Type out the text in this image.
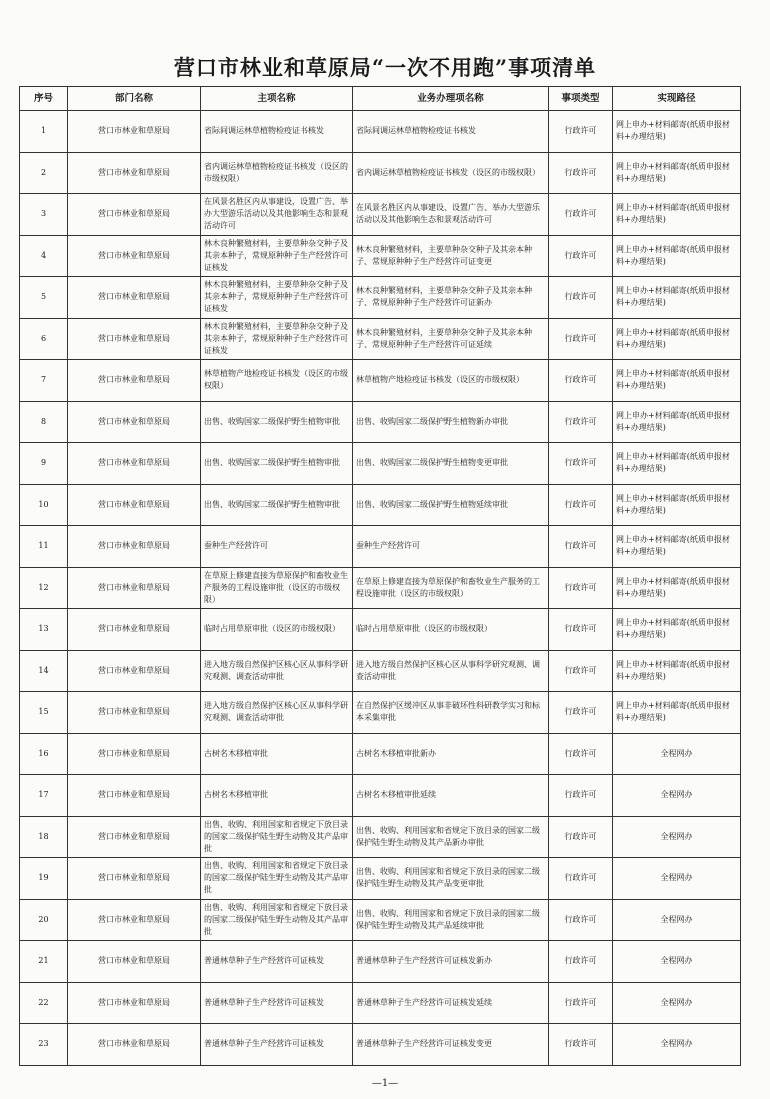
营口市林业和草原局“一次不用跑”事项清单
序号	部门名称	主项名称	业务办理项名称	事项类型	实现路径
1	营口市林业和草原局	省际间调运林草植物检疫证书核发	省际间调运林草植物检疫证书核发	行政许可	网上申办+材料邮寄(纸质申报材料+办理结果)
2	营口市林业和草原局	省内调运林草植物检疫证书核发（设区的市级权限）	省内调运林草植物检疫证书核发（设区的市级权限）	行政许可	网上申办+材料邮寄(纸质申报材料+办理结果)
3	营口市林业和草原局	在风景名胜区内从事建设，设置广告、举办大型游乐活动以及其他影响生态和景观活动许可	在风景名胜区内从事建设、设置广告、举办大型游乐活动以及其他影响生态和景观活动许可	行政许可	网上申办+材料邮寄(纸质申报材料+办理结果)
4	营口市林业和草原局	林木良种繁殖材料，主要草种杂交种子及其亲本种子，常规原种种子生产经营许可证核发	林木良种繁殖材料，主要草种杂交种子及其亲本种子、常规原种种子生产经营许可证变更	行政许可	网上申办+材料邮寄(纸质申报材料+办理结果)
5	营口市林业和草原局	林木良种繁殖材料，主要草种杂交种子及其亲本种子，常规原种种子生产经营许可证核发	林木良种繁殖材料，主要草种杂交种子及其亲本种子、常规原种种子生产经营许可证新办	行政许可	网上申办+材料邮寄(纸质申报材料+办理结果)
6	营口市林业和草原局	林木良种繁殖材料，主要草种杂交种子及其亲本种子，常规原种种子生产经营许可证核发	林木良种繁殖材料，主要草种杂交种子及其亲本种子、常规原种种子生产经营许可证延续	行政许可	网上申办+材料邮寄(纸质申报材料+办理结果)
7	营口市林业和草原局	林草植物产地检疫证书核发（设区的市级权限）	林草植物产地检疫证书核发（设区的市级权限）	行政许可	网上申办+材料邮寄(纸质申报材料+办理结果)
8	营口市林业和草原局	出售、收购国家二级保护野生植物审批	出售、收购国家二级保护野生植物新办审批	行政许可	网上申办+材料邮寄(纸质申报材料+办理结果)
9	营口市林业和草原局	出售、收购国家二级保护野生植物审批	出售、收购国家二级保护野生植物变更审批	行政许可	网上申办+材料邮寄(纸质申报材料+办理结果)
10	营口市林业和草原局	出售、收购国家二级保护野生植物审批	出售、收购国家二级保护野生植物延续审批	行政许可	网上申办+材料邮寄(纸质申报材料+办理结果)
11	营口市林业和草原局	蚕种生产经营许可	蚕种生产经营许可	行政许可	网上申办+材料邮寄(纸质申报材料+办理结果)
12	营口市林业和草原局	在草原上修建直接为草原保护和畜牧业生产服务的工程设施审批（设区的市级权限）	在草原上修建直接为草原保护和畜牧业生产服务的工程设施审批（设区的市级权限）	行政许可	网上申办+材料邮寄(纸质申报材料+办理结果)
13	营口市林业和草原局	临时占用草原审批（设区的市级权限）	临时占用草原审批（设区的市级权限）	行政许可	网上申办+材料邮寄(纸质申报材料+办理结果)
14	营口市林业和草原局	进入地方级自然保护区核心区从事科学研究观测、调查活动审批	进入地方级自然保护区核心区从事科学研究观测、调查活动审批	行政许可	网上申办+材料邮寄(纸质申报材料+办理结果)
15	营口市林业和草原局	进入地方级自然保护区核心区从事科学研究观测、调查活动审批	在自然保护区缓冲区从事非破坏性科研教学实习和标本采集审批	行政许可	网上申办+材料邮寄(纸质申报材料+办理结果)
16	营口市林业和草原局	古树名木移植审批	古树名木移植审批新办	行政许可	全程网办
17	营口市林业和草原局	古树名木移植审批	古树名木移植审批延续	行政许可	全程网办
18	营口市林业和草原局	出售、收购、利用国家和省规定下放目录的国家二级保护陆生野生动物及其产品审批	出售、收购、利用国家和省规定下放目录的国家二级保护陆生野生动物及其产品新办审批	行政许可	全程网办
19	营口市林业和草原局	出售、收购、利用国家和省规定下放目录的国家二级保护陆生野生动物及其产品审批	出售、收购、利用国家和省规定下放目录的国家二级保护陆生野生动物及其产品变更审批	行政许可	全程网办
20	营口市林业和草原局	出售、收购、利用国家和省规定下放目录的国家二级保护陆生野生动物及其产品审批	出售、收购、利用国家和省规定下放目录的国家二级保护陆生野生动物及其产品延续审批	行政许可	全程网办
21	营口市林业和草原局	普通林草种子生产经营许可证核发	普通林草种子生产经营许可证核发新办	行政许可	全程网办
22	营口市林业和草原局	普通林草种子生产经营许可证核发	普通林草种子生产经营许可证核发延续	行政许可	全程网办
23	营口市林业和草原局	普通林草种子生产经营许可证核发	普通林草种子生产经营许可证核发变更	行政许可	全程网办
—1—
